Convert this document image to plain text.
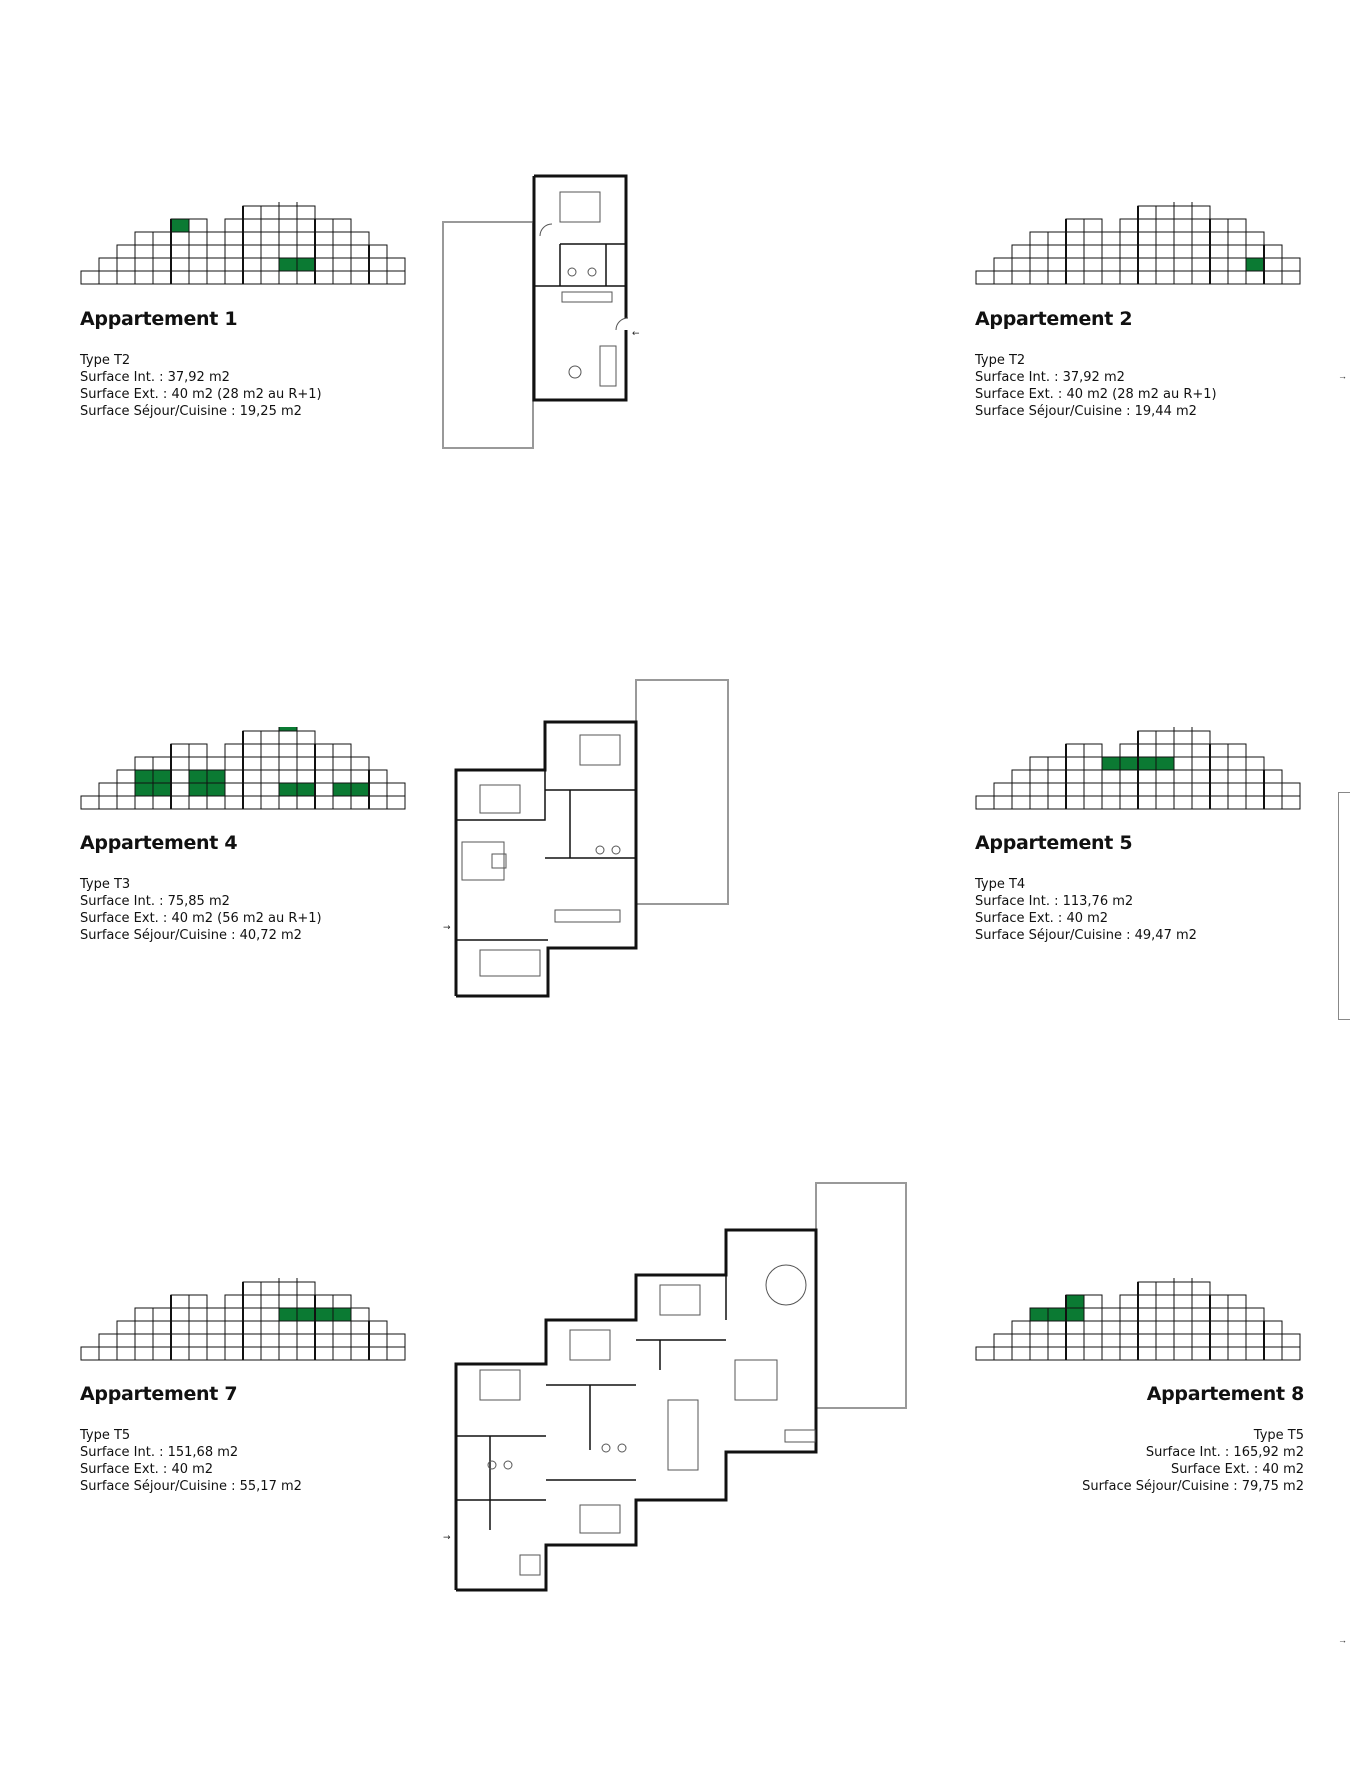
Appartement 1
Type T2
Surface Int. : 37,92 m2
Surface Ext. : 40 m2 (28 m2 au R+1)
Surface Séjour/Cuisine : 19,25 m2
Appartement 2
Type T2
Surface Int. : 37,92 m2
Surface Ext. : 40 m2 (28 m2 au R+1)
Surface Séjour/Cuisine : 19,44 m2
Appartement 4
Type T3
Surface Int. : 75,85 m2
Surface Ext. : 40 m2 (56 m2 au R+1)
Surface Séjour/Cuisine : 40,72 m2
Appartement 5
Type T4
Surface Int. : 113,76 m2
Surface Ext. : 40 m2
Surface Séjour/Cuisine : 49,47 m2
Appartement 7
Type T5
Surface Int. : 151,68 m2
Surface Ext. : 40 m2
Surface Séjour/Cuisine : 55,17 m2
Appartement 8
Type T5
Surface Int. : 165,92 m2
Surface Ext. : 40 m2
Surface Séjour/Cuisine : 79,75 m2
←
→
→
→
→
